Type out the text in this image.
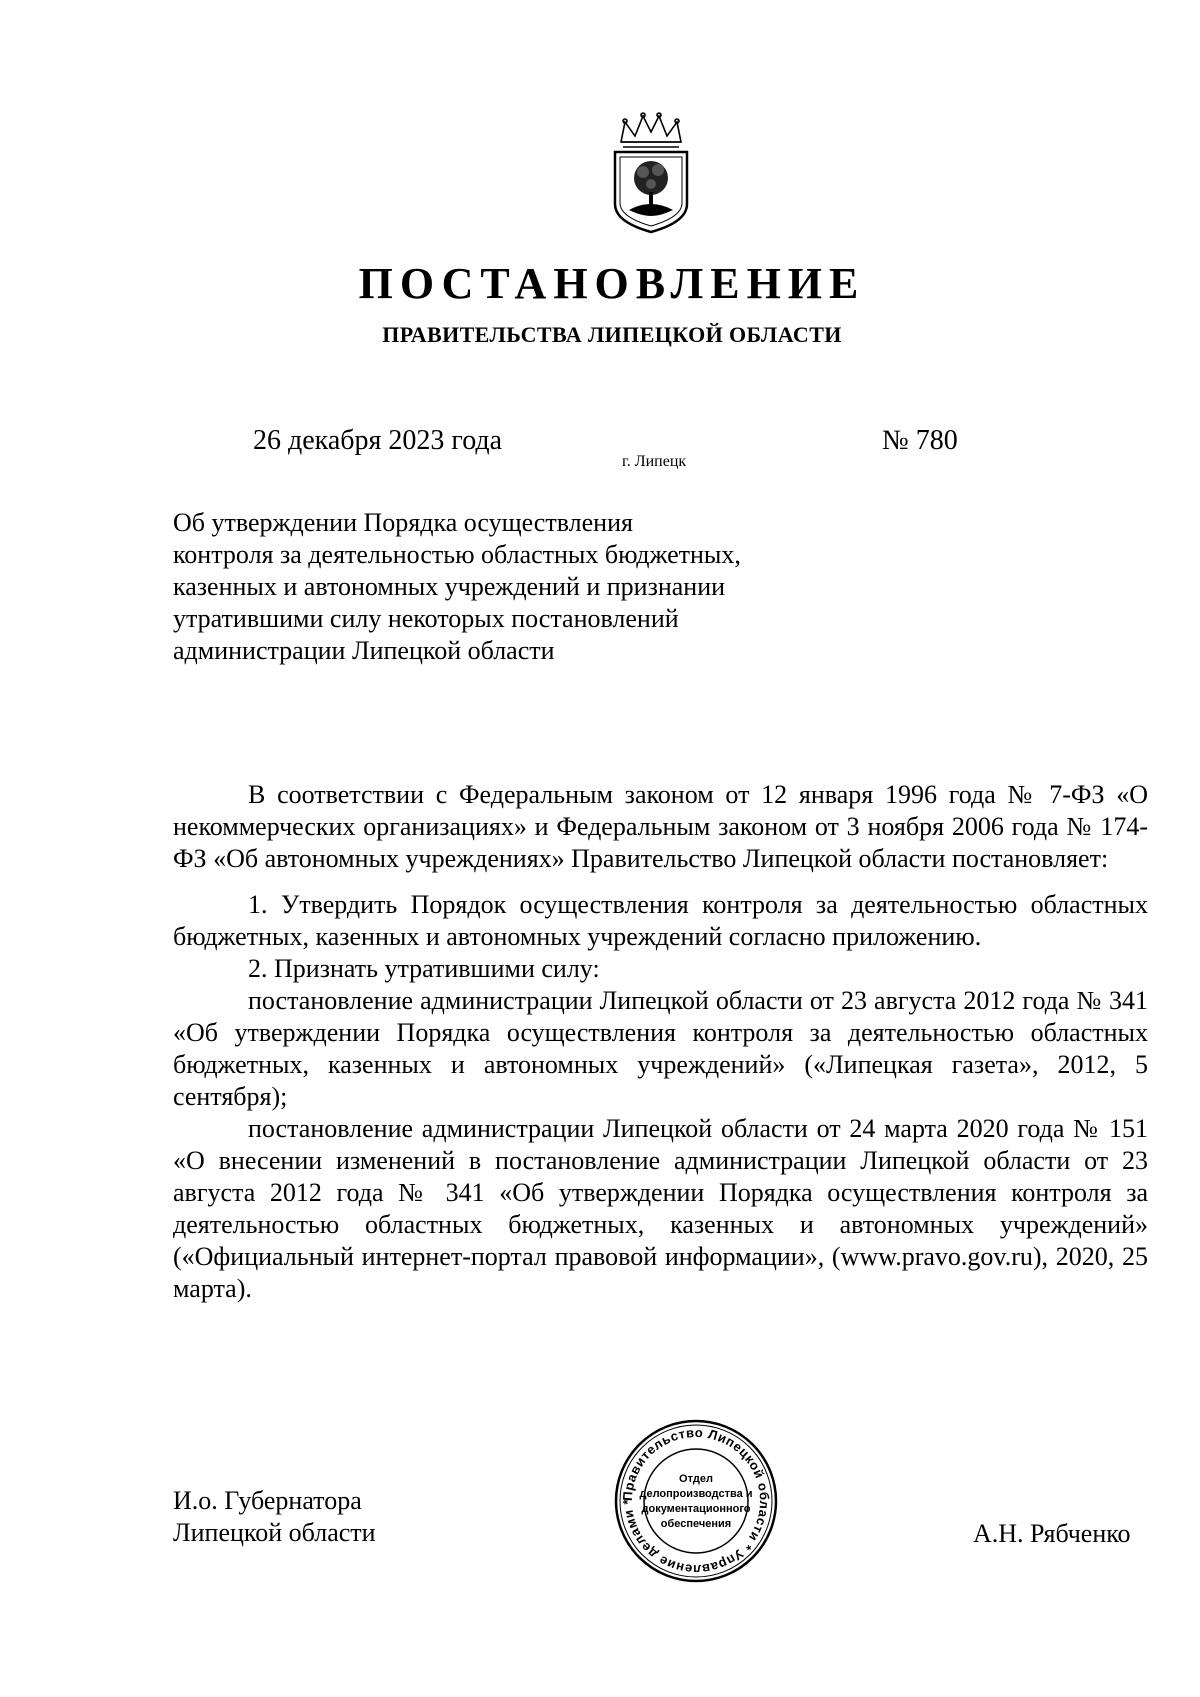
ПОСТАНОВЛЕНИЕ
ПРАВИТЕЛЬСТВА ЛИПЕЦКОЙ ОБЛАСТИ
26 декабря 2023 года
г. Липецк
№ 780
Об утверждении Порядка осуществления
контроля за деятельностью областных бюджетных,
казенных и автономных учреждений и признании
утратившими силу некоторых постановлений
администрации Липецкой области

В соответствии с Федеральным законом от 12 января 1996 года № 7-ФЗ «О некоммерческих организациях» и Федеральным законом от 3 ноября 2006 года № 174-ФЗ «Об автономных учреждениях» Правительство Липецкой области постановляет:

1. Утвердить Порядок осуществления контроля за деятельностью областных бюджетных, казенных и автономных учреждений согласно приложению.

2. Признать утратившими силу:

постановление администрации Липецкой области от 23 августа 2012 года № 341 «Об утверждении Порядка осуществления контроля за деятельностью областных бюджетных, казенных и автономных учреждений» («Липецкая газета», 2012, 5 сентября);

постановление администрации Липецкой области от 24 марта 2020 года № 151 «О внесении изменений в постановление администрации Липецкой области от 23 августа 2012 года № 341 «Об утверждении Порядка осуществления контроля за деятельностью областных бюджетных, казенных и автономных учреждений» («Официальный интернет-портал правовой информации», (www.pravo.gov.ru), 2020, 25 марта).

И.о. Губернатора
Липецкой области	А.Н. Рябченко
Правительство Липецкой области * Управление делами *
Отдел
делопроизводства и
документационного
обеспечения
